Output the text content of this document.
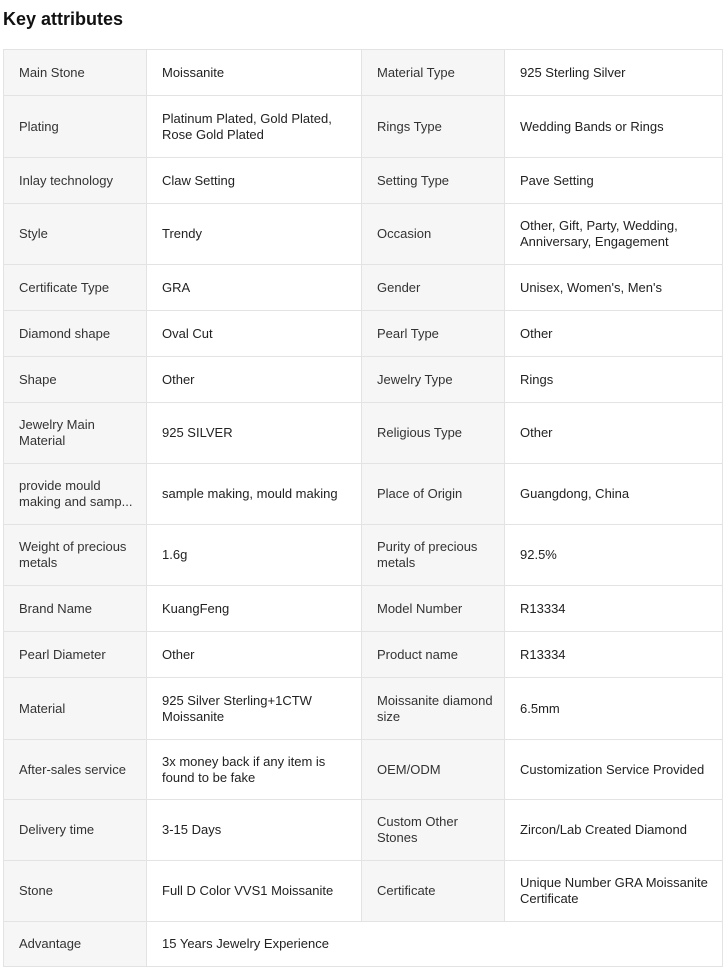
Key attributes
Main Stone	Moissanite	Material Type	925 Sterling Silver
Plating	Platinum Plated, Gold Plated, Rose Gold Plated	Rings Type	Wedding Bands or Rings
Inlay technology	Claw Setting	Setting Type	Pave Setting
Style	Trendy	Occasion	Other, Gift, Party, Wedding, Anniversary, Engagement
Certificate Type	GRA	Gender	Unisex, Women's, Men's
Diamond shape	Oval Cut	Pearl Type	Other
Shape	Other	Jewelry Type	Rings
Jewelry Main Material	925 SILVER	Religious Type	Other

provide mould making and samp...	sample making, mould making	Place of Origin	Guangdong, China
Weight of precious metals	1.6g	Purity of precious metals	92.5%
Brand Name	KuangFeng	Model Number	R13334
Pearl Diameter	Other	Product name	R13334
Material	925 Silver Sterling+1CTW Moissanite	Moissanite diamond size	6.5mm
After-sales service	3x money back if any item is found to be fake	OEM/ODM	Customization Service Provided
Delivery time	3-15 Days	Custom Other Stones	Zircon/Lab Created Diamond
Stone	Full D Color VVS1 Moissanite	Certificate	Unique Number GRA Moissanite Certificate
Advantage	15 Years Jewelry Experience		
